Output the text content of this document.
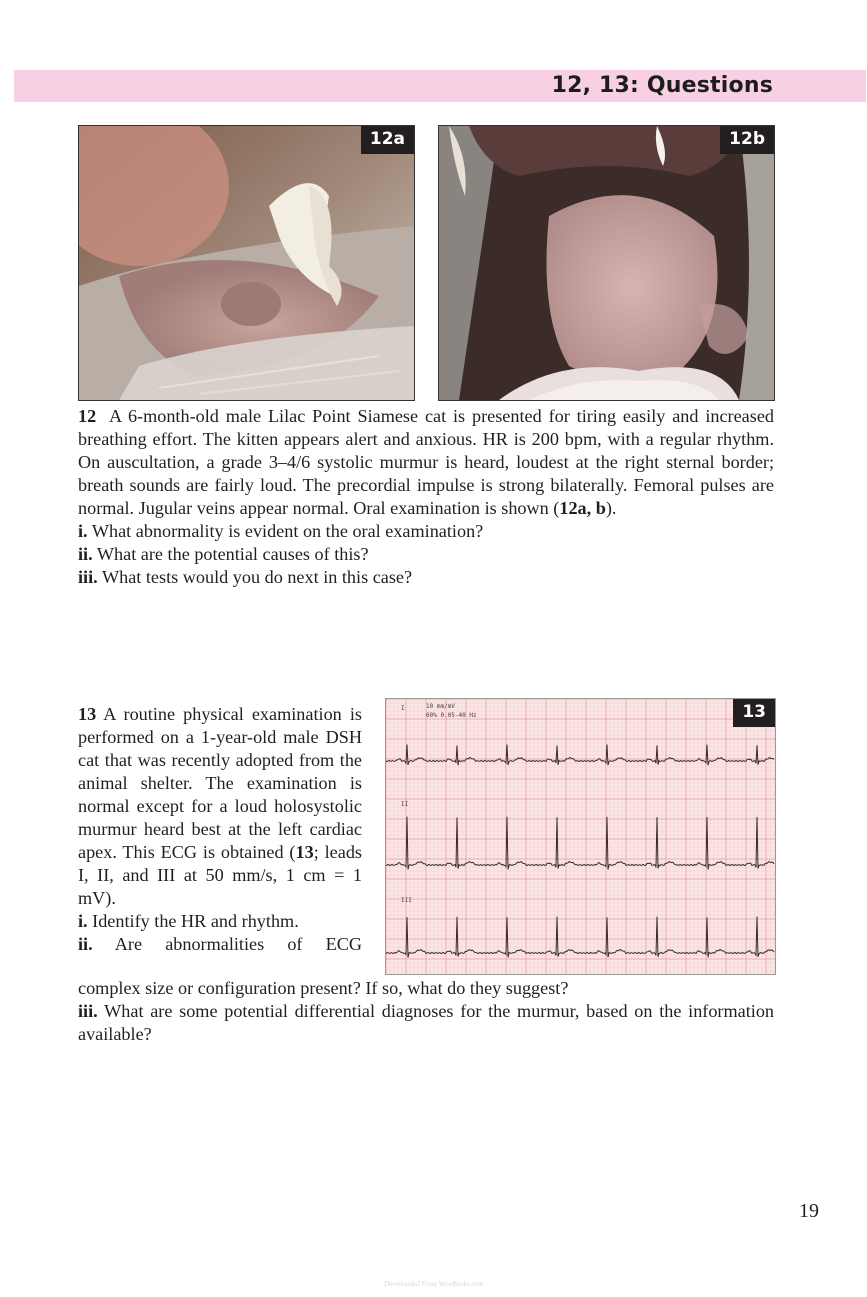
12, 13: Questions
12a	12b

12 A 6-month-old male Lilac Point Siamese cat is presented for tiring easily and increased breathing effort. The kitten appears alert and anxious. HR is 200 bpm, with a regular rhythm. On auscultation, a grade 3–4/6 systolic murmur is heard, loudest at the right sternal border; breath sounds are fairly loud. The precordial impulse is strong bilaterally. Femoral pulses are normal. Jugular veins appear normal. Oral examination is shown (12a, b).

i. What abnormality is evident on the oral examination?

ii. What are the potential causes of this?

iii. What tests would you do next in this case?

13 A routine physical examination is performed on a 1-year-old male DSH cat that was recently adopted from the animal shelter. The examination is normal except for a loud holosystolic murmur heard best at the left cardiac apex. This ECG is obtained (13; leads I, II, and III at 50 mm/s, 1 cm = 1 mV).

i. Identify the HR and rhythm.

ii. Are abnormalities of ECG

complex size or configuration present? If so, what do they suggest?

iii. What are some potential differential diagnoses for the murmur, based on the information available?

I	10 mm/mV
60% 0.05-40 Hz
II
III
13
19
Downloaded From Vet-eBooks.com
